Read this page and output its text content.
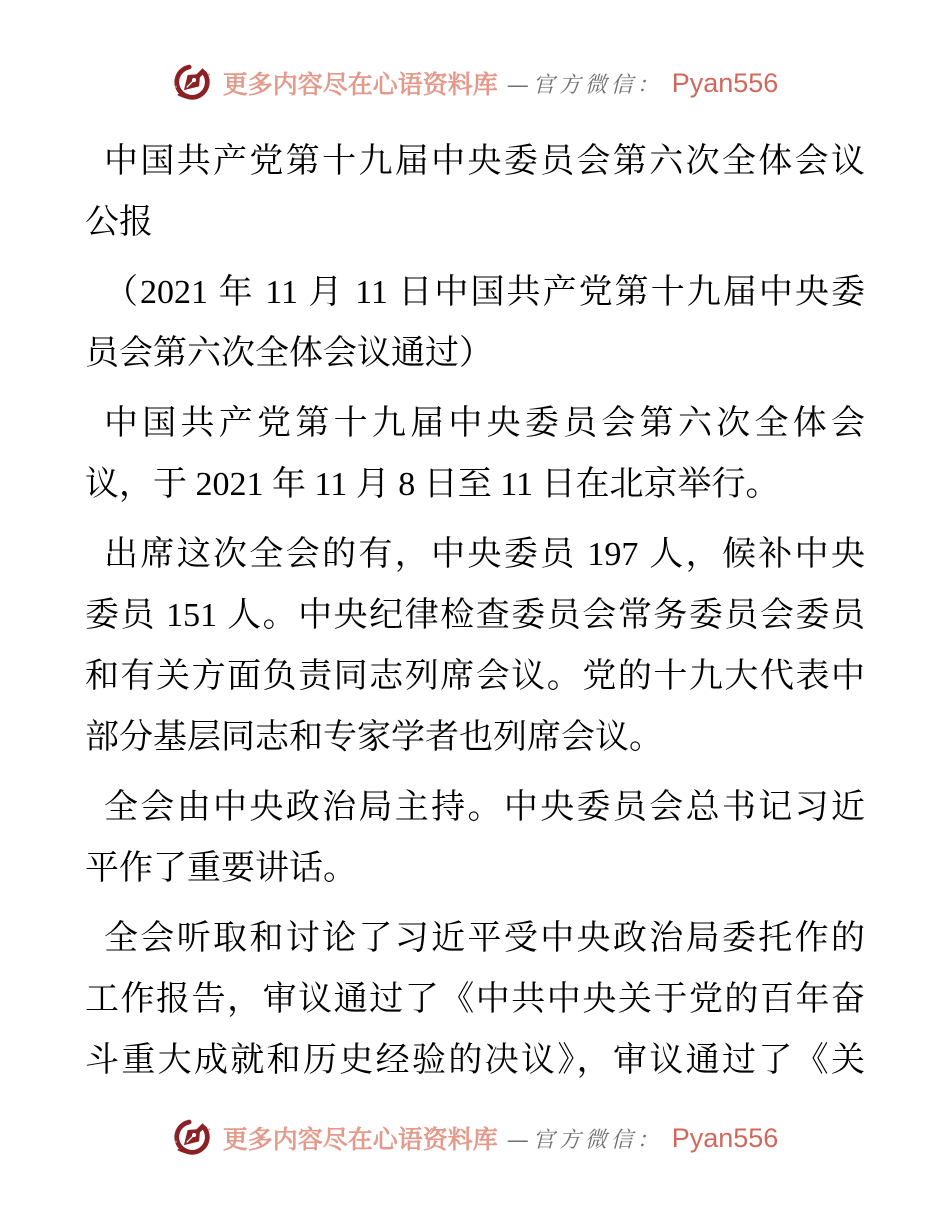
更多内容尽在心语资料库 —官方微信： Pyan556

中国共产党第十九届中央委员会第六次全体会议
公报

（2021 年 11 月 11 日中国共产党第十九届中央委
员会第六次全体会议通过）

中国共产党第十九届中央委员会第六次全体会
议，于 2021 年 11 月 8 日至 11 日在北京举行。

出席这次全会的有，中央委员 197 人，候补中央
委员 151 人。中央纪律检查委员会常务委员会委员
和有关方面负责同志列席会议。党的十九大代表中
部分基层同志和专家学者也列席会议。

全会由中央政治局主持。中央委员会总书记习近
平作了重要讲话。

全会听取和讨论了习近平受中央政治局委托作的
工作报告，审议通过了《中共中央关于党的百年奋
斗重大成就和历史经验的决议》，审议通过了《关

更多内容尽在心语资料库 —官方微信： Pyan556
